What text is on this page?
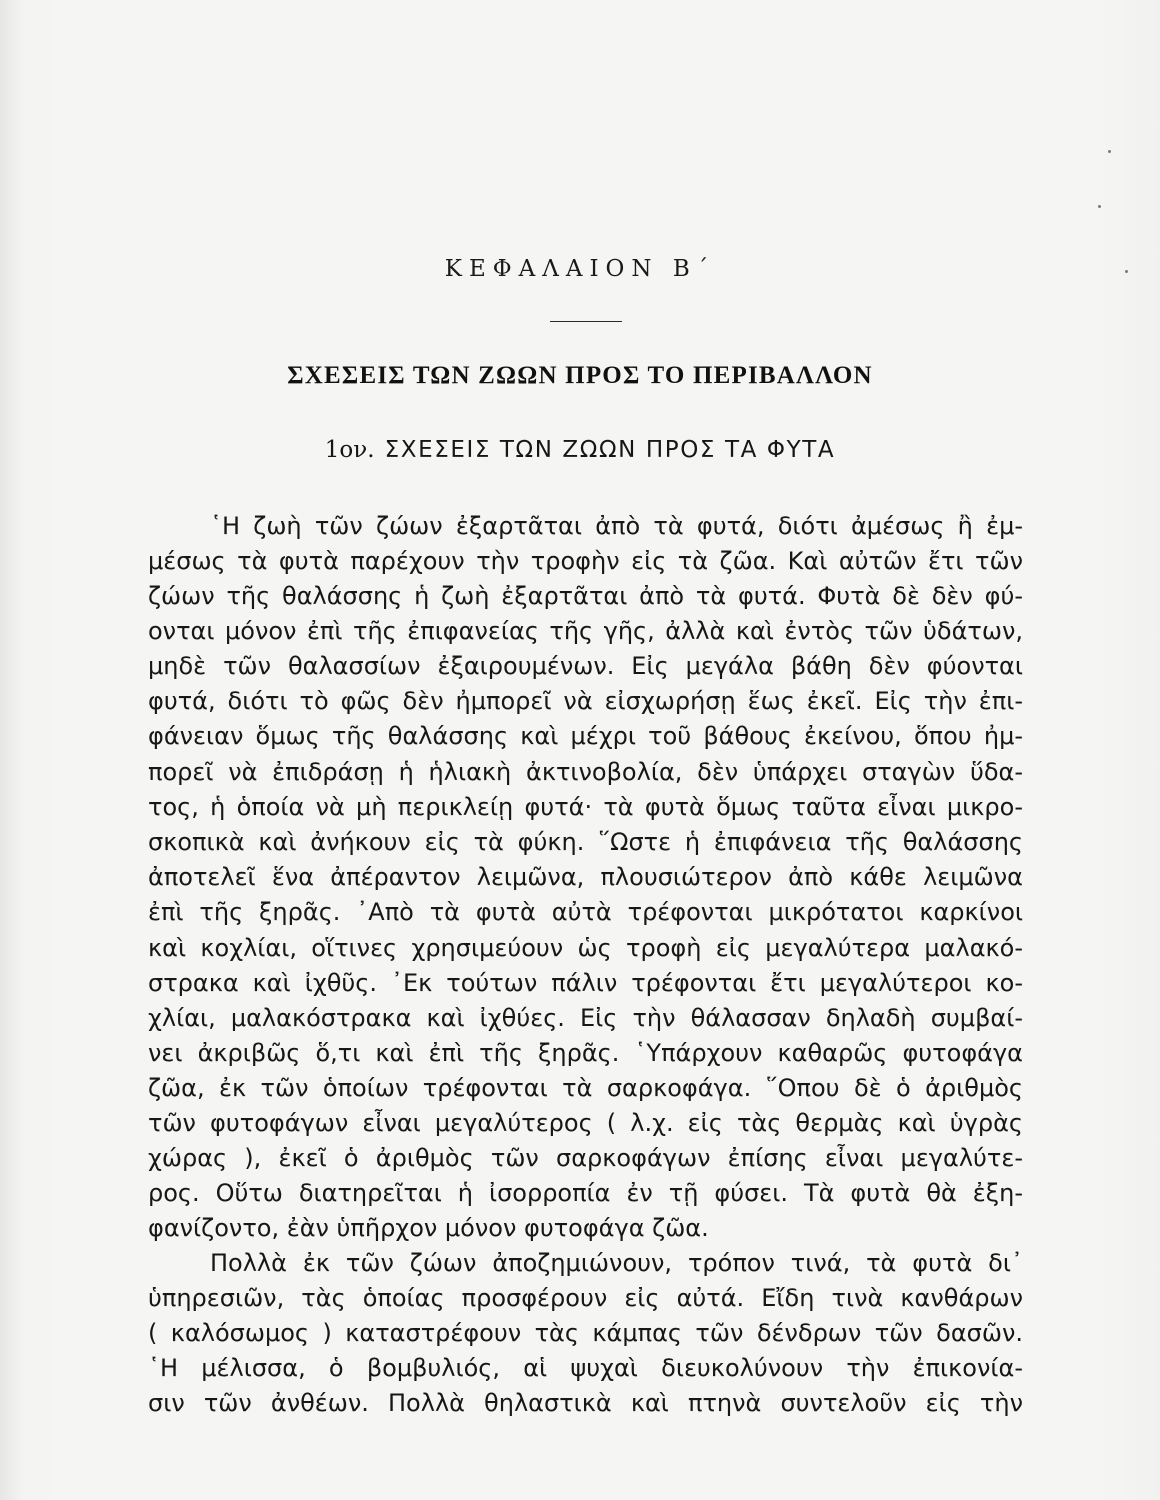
ΚΕΦΑΛΑΙΟΝ Β΄
ΣΧΕΣΕΙΣ ΤΩΝ ΖΩΩΝ ΠΡΟΣ ΤΟ ΠΕΡΙΒΑΛΛΟΝ
1ον. ΣΧΕΣΕΙΣ ΤΩΝ ΖΩΩΝ ΠΡΟΣ ΤΑ ΦΥΤΑ
῾Η ζωὴ τῶν ζώων ἐξαρτᾶται ἀπὸ τὰ φυτά, διότι ἀμέσως ἢ ἐμ-
μέσως τὰ φυτὰ παρέχουν τὴν τροφὴν εἰς τὰ ζῶα. Καὶ αὐτῶν ἔτι τῶν
ζώων τῆς θαλάσσης ἡ ζωὴ ἐξαρτᾶται ἀπὸ τὰ φυτά. Φυτὰ δὲ δὲν φύ-
ονται μόνον ἐπὶ τῆς ἐπιφανείας τῆς γῆς, ἀλλὰ καὶ ἐντὸς τῶν ὑδάτων,
μηδὲ τῶν θαλασσίων ἐξαιρουμένων. Εἰς μεγάλα βάθη δὲν φύονται
φυτά, διότι τὸ φῶς δὲν ἠμπορεῖ νὰ εἰσχωρήσῃ ἕως ἐκεῖ. Εἰς τὴν ἐπι-
φάνειαν ὅμως τῆς θαλάσσης καὶ μέχρι τοῦ βάθους ἐκείνου, ὅπου ἠμ-
πορεῖ νὰ ἐπιδράσῃ ἡ ἡλιακὴ ἀκτινοβολία, δὲν ὑπάρχει σταγὼν ὕδα-
τος, ἡ ὁποία νὰ μὴ περικλείῃ φυτά· τὰ φυτὰ ὅμως ταῦτα εἶναι μικρο-
σκοπικὰ καὶ ἀνήκουν εἰς τὰ φύκη. ῞Ωστε ἡ ἐπιφάνεια τῆς θαλάσσης
ἀποτελεῖ ἕνα ἀπέραντον λειμῶνα, πλουσιώτερον ἀπὸ κάθε λειμῶνα
ἐπὶ τῆς ξηρᾶς. ᾿Απὸ τὰ φυτὰ αὐτὰ τρέφονται μικρότατοι καρκίνοι
καὶ κοχλίαι, οἵτινες χρησιμεύουν ὡς τροφὴ εἰς μεγαλύτερα μαλακό-
στρακα καὶ ἰχθῦς. ᾿Εκ τούτων πάλιν τρέφονται ἔτι μεγαλύτεροι κο-
χλίαι, μαλακόστρακα καὶ ἰχθύες. Εἰς τὴν θάλασσαν δηλαδὴ συμβαί-
νει ἀκριβῶς ὅ,τι καὶ ἐπὶ τῆς ξηρᾶς. ῾Υπάρχουν καθαρῶς φυτοφάγα
ζῶα, ἐκ τῶν ὁποίων τρέφονται τὰ σαρκοφάγα. ῞Οπου δὲ ὁ ἀριθμὸς
τῶν φυτοφάγων εἶναι μεγαλύτερος ( λ.χ. εἰς τὰς θερμὰς καὶ ὑγρὰς
χώρας ), ἐκεῖ ὁ ἀριθμὸς τῶν σαρκοφάγων ἐπίσης εἶναι μεγαλύτε-
ρος. Οὕτω διατηρεῖται ἡ ἰσορροπία ἐν τῇ φύσει. Τὰ φυτὰ θὰ ἐξη-
φανίζοντο, ἐὰν ὑπῆρχον μόνον φυτοφάγα ζῶα.
Πολλὰ ἐκ τῶν ζώων ἀποζημιώνουν, τρόπον τινά, τὰ φυτὰ δι᾿
ὑπηρεσιῶν, τὰς ὁποίας προσφέρουν εἰς αὐτά. Εἴδη τινὰ κανθάρων
( καλόσωμος ) καταστρέφουν τὰς κάμπας τῶν δένδρων τῶν δασῶν.
῾Η μέλισσα, ὁ βομβυλιός, αἱ ψυχαὶ διευκολύνουν τὴν ἐπικονία-
σιν τῶν ἀνθέων. Πολλὰ θηλαστικὰ καὶ πτηνὰ συντελοῦν εἰς τὴν
